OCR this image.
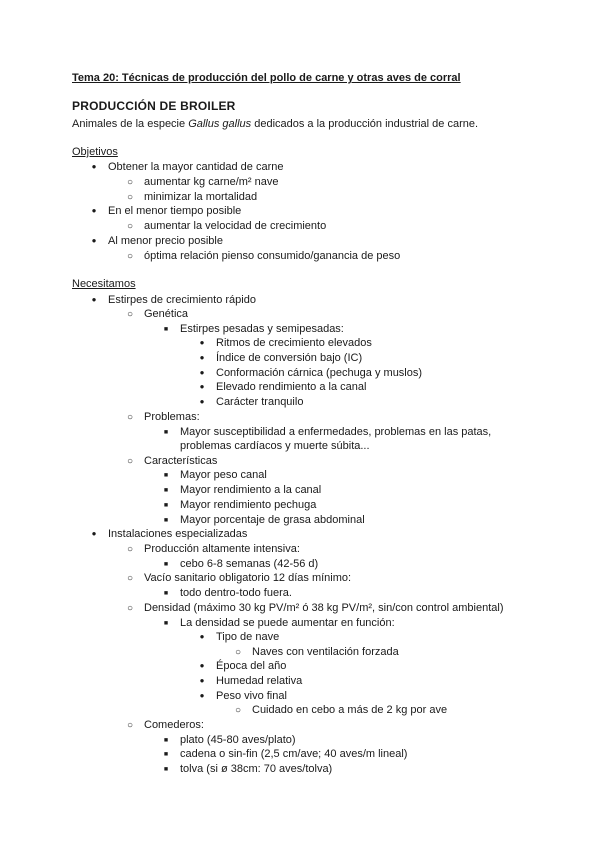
Tema 20: Técnicas de producción del pollo de carne y otras aves de corral
PRODUCCIÓN DE BROILER
Animales de la especie Gallus gallus dedicados a la producción industrial de carne.
Objetivos
●
Obtener la mayor cantidad de carne
○
aumentar kg carne/m² nave
○
minimizar la mortalidad
●
En el menor tiempo posible
○
aumentar la velocidad de crecimiento
●
Al menor precio posible
○
óptima relación pienso consumido/ganancia de peso
Necesitamos
●
Estirpes de crecimiento rápido
○
Genética
■
Estirpes pesadas y semipesadas:
●
Ritmos de crecimiento elevados
●
Índice de conversión bajo (IC)
●
Conformación cárnica (pechuga y muslos)
●
Elevado rendimiento a la canal
●
Carácter tranquilo
○
Problemas:
■
Mayor susceptibilidad a enfermedades, problemas en las patas,
problemas cardíacos y muerte súbita...
○
Características
■
Mayor peso canal
■
Mayor rendimiento a la canal
■
Mayor rendimiento pechuga
■
Mayor porcentaje de grasa abdominal
●
Instalaciones especializadas
○
Producción altamente intensiva:
■
cebo 6-8 semanas (42-56 d)
○
Vacío sanitario obligatorio 12 días mínimo:
■
todo dentro-todo fuera.
○
Densidad (máximo 30 kg PV/m² ó 38 kg PV/m², sin/con control ambiental)
■
La densidad se puede aumentar en función:
●
Tipo de nave
○
Naves con ventilación forzada
●
Época del año
●
Humedad relativa
●
Peso vivo final
○
Cuidado en cebo a más de 2 kg por ave
○
Comederos:
■
plato (45-80 aves/plato)
■
cadena o sin-fin (2,5 cm/ave; 40 aves/m lineal)
■
tolva (si ø 38cm: 70 aves/tolva)
